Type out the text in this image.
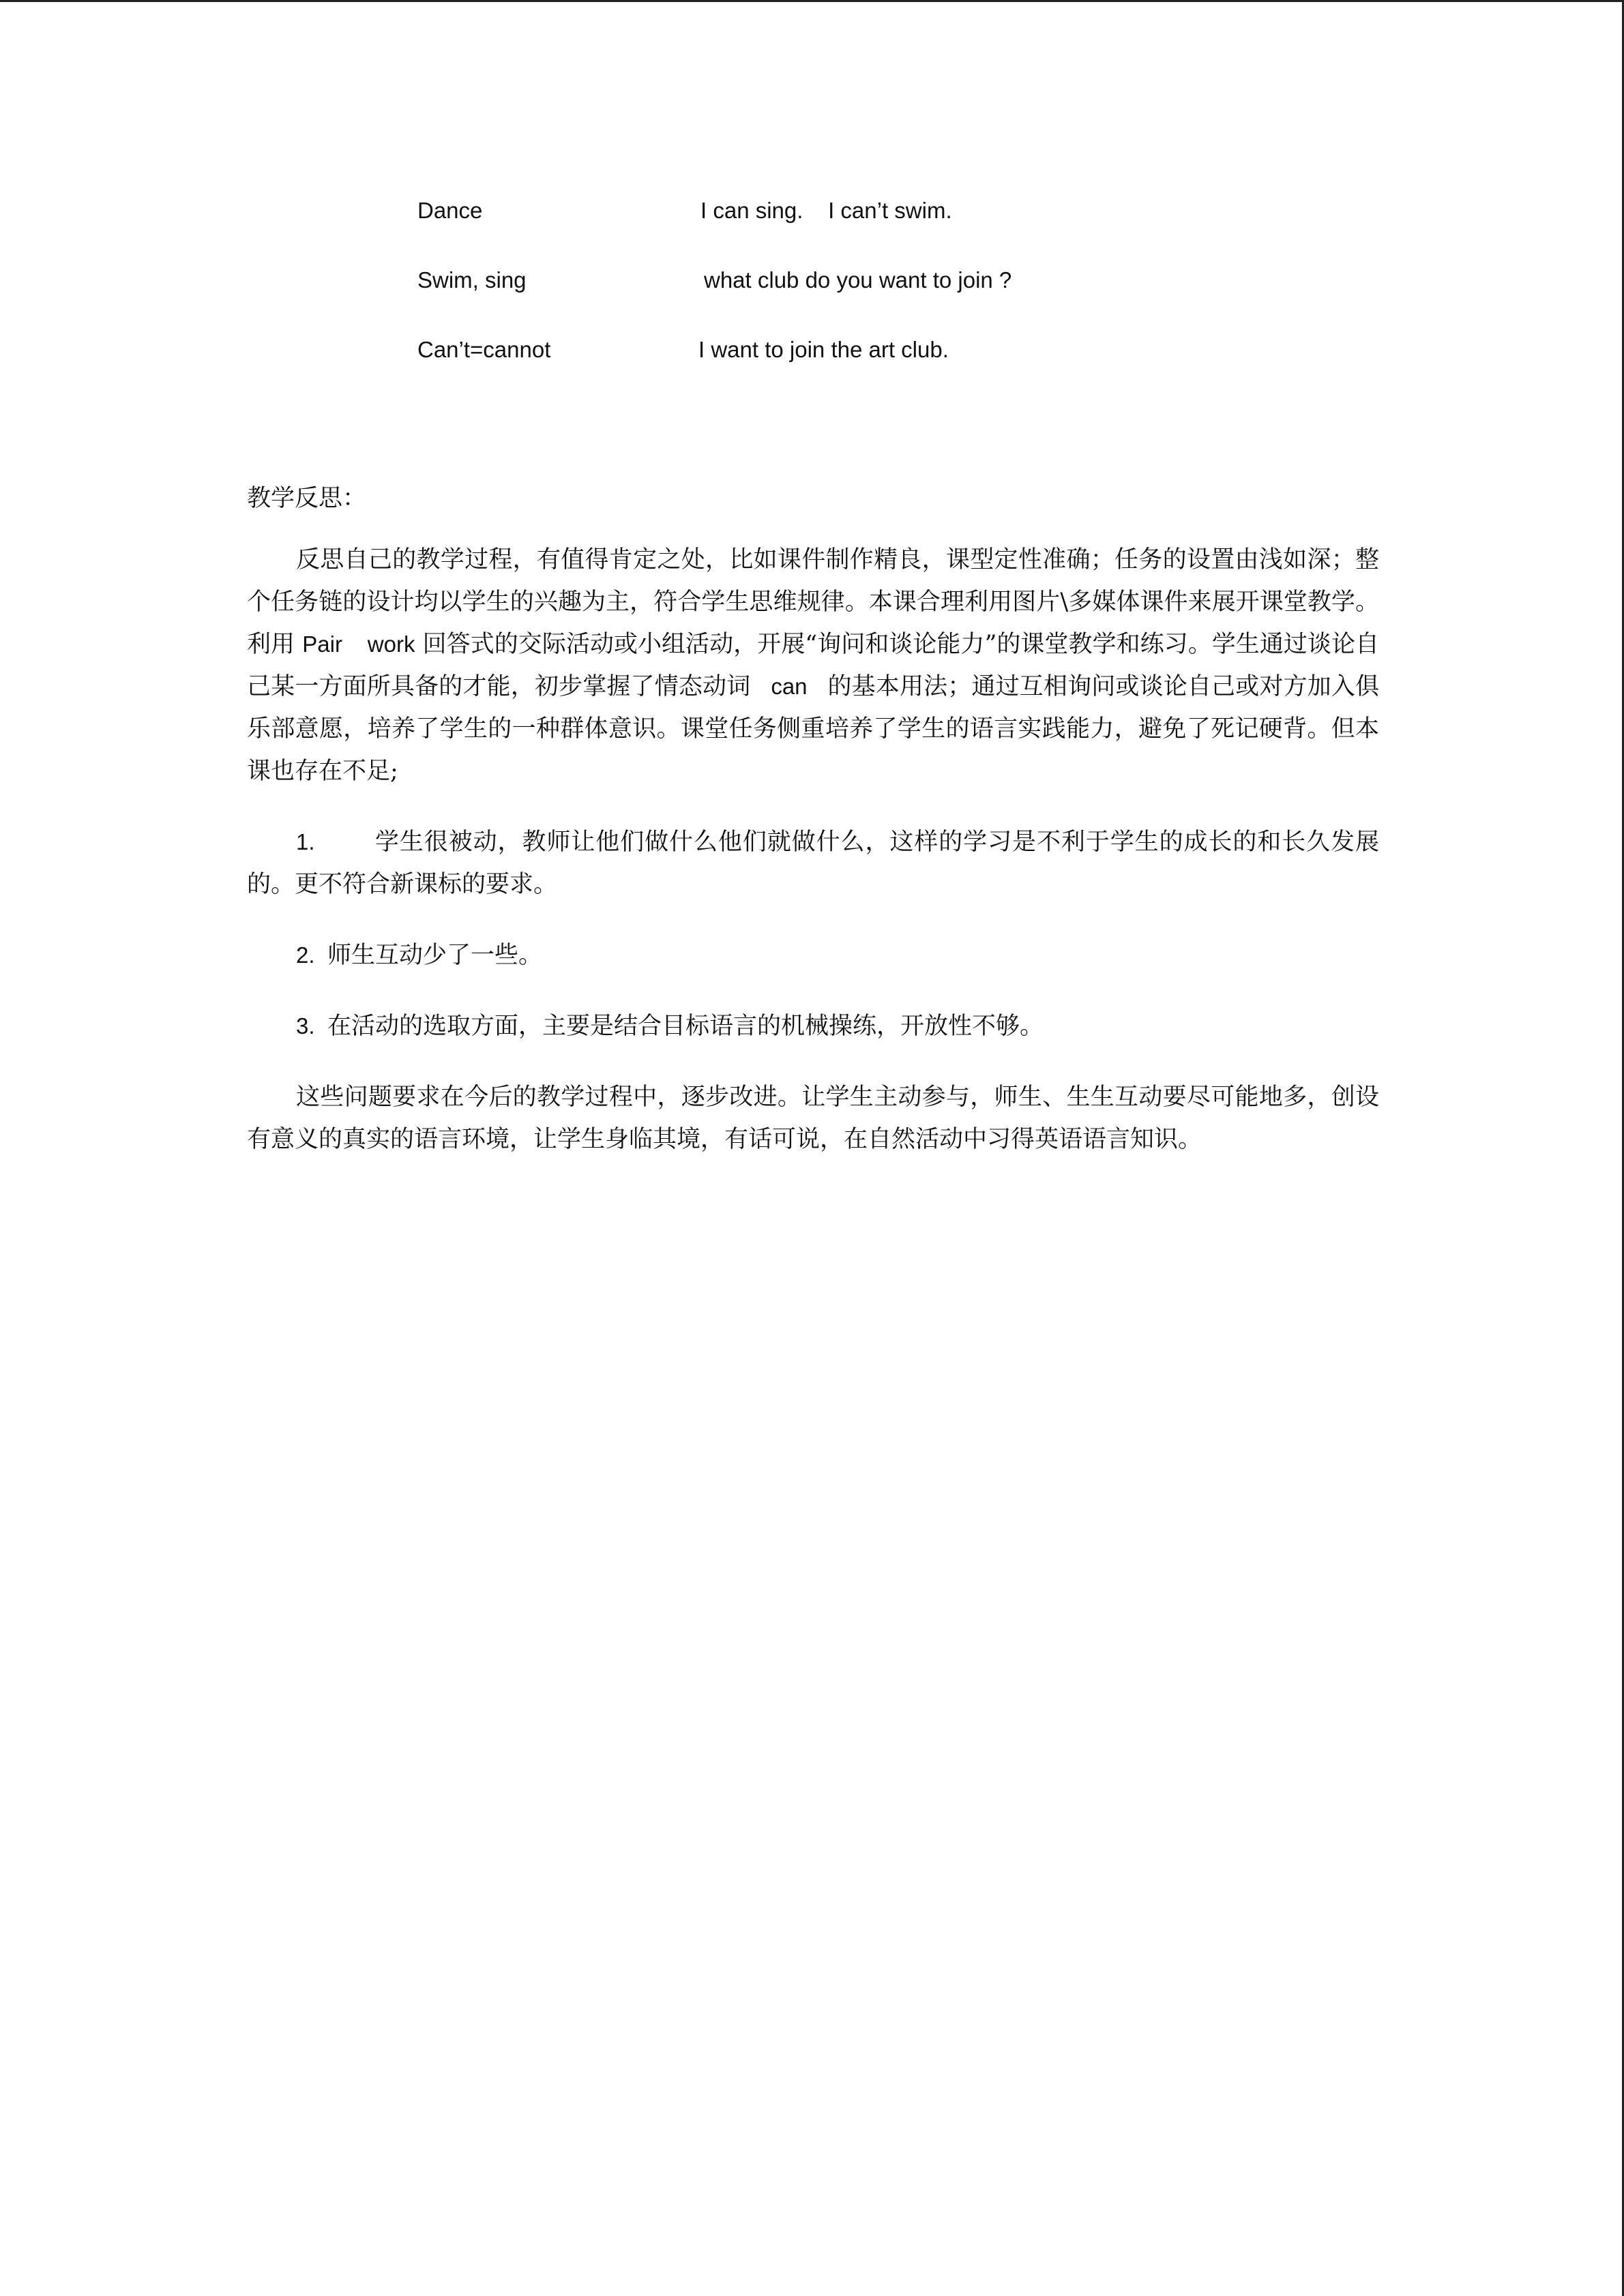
Dance	I can sing.    I can’t swim.
Swim, sing	what club do you want to join ?
Can’t=cannot	I want to join the art club.

教学反思：

反思自己的教学过程，有值得肯定之处，比如课件制作精良，课型定性准确；任务的设置由浅如深；整个任务链的设计均以学生的兴趣为主，符合学生思维规律。本课合理利用图片\多媒体课件来展开课堂教学。利用 Pair    work 回答式的交际活动或小组活动，开展“询问和谈论能力”的课堂教学和练习。学生通过谈论自己某一方面所具备的才能，初步掌握了情态动词   can   的基本用法；通过互相询问或谈论自己或对方加入俱乐部意愿，培养了学生的一种群体意识。课堂任务侧重培养了学生的语言实践能力，避免了死记硬背。但本课也存在不足;

1. 学生很被动，教师让他们做什么他们就做什么，这样的学习是不利于学生的成长的和长久发展的。更不符合新课标的要求。

2. 师生互动少了一些。

3. 在活动的选取方面，主要是结合目标语言的机械操练，开放性不够。

这些问题要求在今后的教学过程中，逐步改进。让学生主动参与，师生、生生互动要尽可能地多，创设有意义的真实的语言环境，让学生身临其境，有话可说，在自然活动中习得英语语言知识。
